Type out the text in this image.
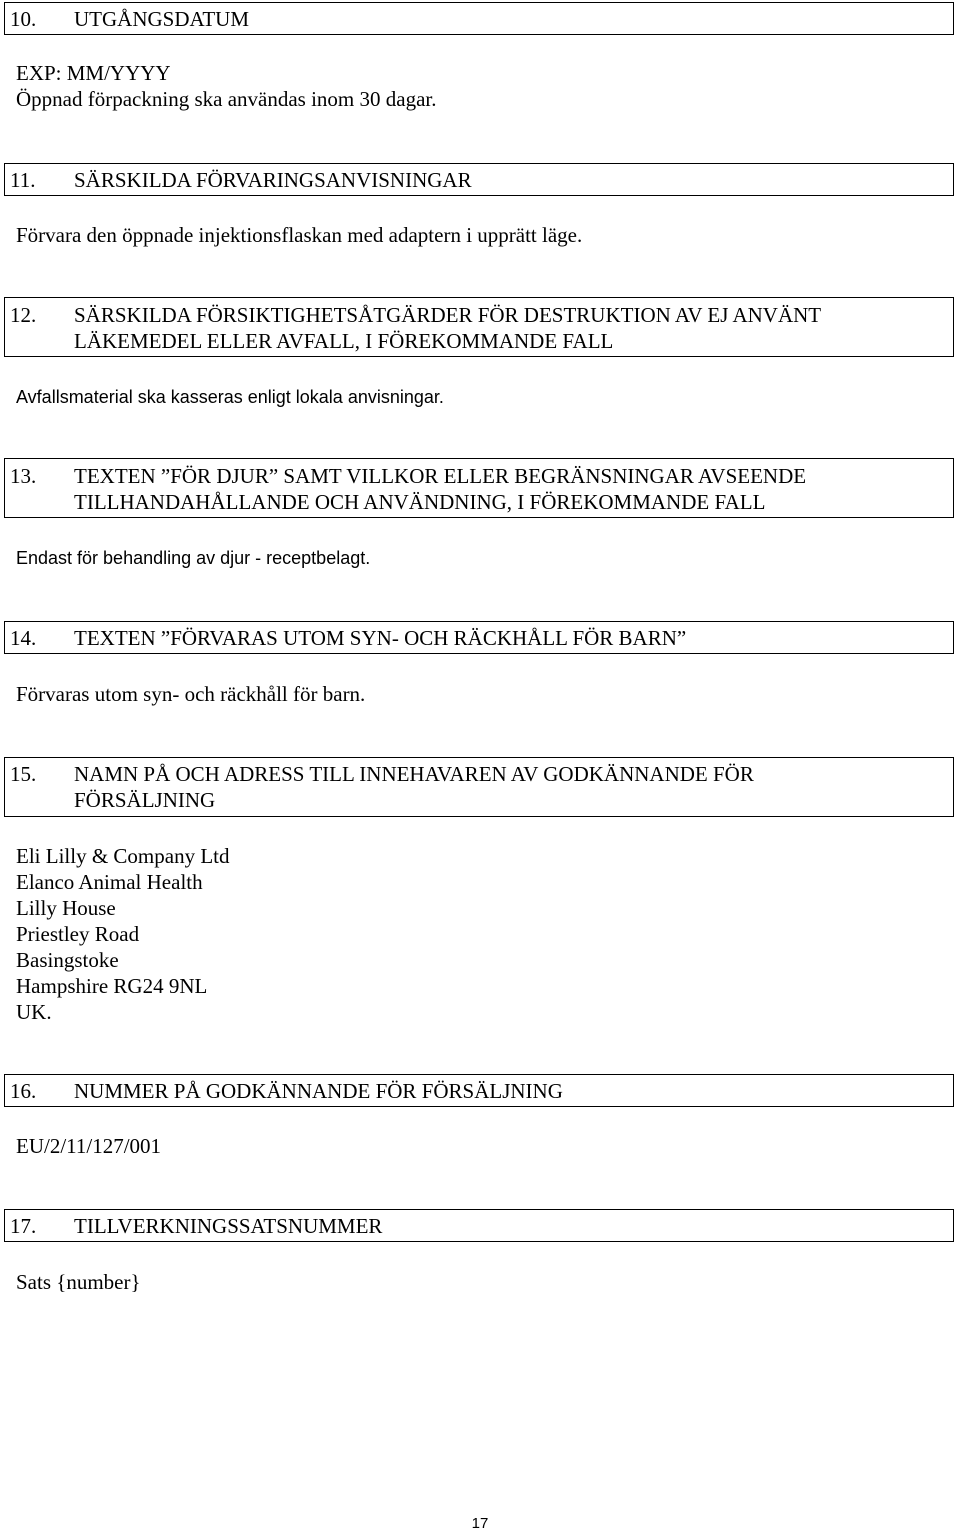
10.	UTGÅNGSDATUM
EXP: MM/YYYY
Öppnad förpackning ska användas inom 30 dagar.
11.	SÄRSKILDA FÖRVARINGSANVISNINGAR
Förvara den öppnade injektionsflaskan med adaptern i upprätt läge.
12.	SÄRSKILDA FÖRSIKTIGHETSÅTGÄRDER FÖR DESTRUKTION AV EJ ANVÄNT
LÄKEMEDEL ELLER AVFALL, I FÖREKOMMANDE FALL
Avfallsmaterial ska kasseras enligt lokala anvisningar.
13.	TEXTEN ”FÖR DJUR” SAMT VILLKOR ELLER BEGRÄNSNINGAR AVSEENDE
TILLHANDAHÅLLANDE OCH ANVÄNDNING, I FÖREKOMMANDE FALL
Endast för behandling av djur - receptbelagt.
14.	TEXTEN ”FÖRVARAS UTOM SYN- OCH RÄCKHÅLL FÖR BARN”
Förvaras utom syn- och räckhåll för barn.
15.	NAMN PÅ OCH ADRESS TILL INNEHAVAREN AV GODKÄNNANDE FÖR
FÖRSÄLJNING
Eli Lilly & Company Ltd
Elanco Animal Health
Lilly House
Priestley Road
Basingstoke
Hampshire RG24 9NL
UK.
16.	NUMMER PÅ GODKÄNNANDE FÖR FÖRSÄLJNING
EU/2/11/127/001
17.	TILLVERKNINGSSATSNUMMER
Sats {number}
17
